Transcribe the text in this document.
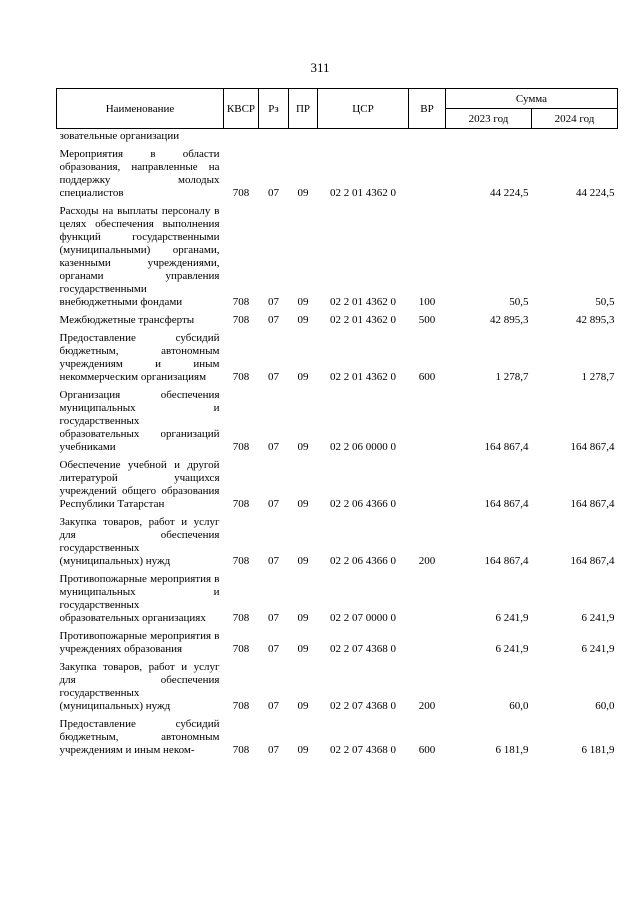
311
Наименование	КВСР	Рз	ПР	ЦСР	ВР	Сумма	
						2023 год	2024 год
зовательные организации							
Мероприятия в области образования, направленные на поддержку молодых специалистов	708	07	09	02 2 01 4362 0		44 224,5	44 224,5
Расходы на выплаты персоналу в целях обеспечения выполнения функций государственными (муниципальными) органами, казенными учреждениями, органами управления государственными внебюджетными фондами	708	07	09	02 2 01 4362 0	100	50,5	50,5
Межбюджетные трансферты	708	07	09	02 2 01 4362 0	500	42 895,3	42 895,3
Предоставление субсидий бюджетным, автономным учреждениям и иным некоммерческим организациям	708	07	09	02 2 01 4362 0	600	1 278,7	1 278,7
Организация обеспечения муниципальных и государственных образовательных организаций учебниками	708	07	09	02 2 06 0000 0		164 867,4	164 867,4
Обеспечение учебной и другой литературой учащихся учреждений общего образования Республики Татарстан	708	07	09	02 2 06 4366 0		164 867,4	164 867,4
Закупка товаров, работ и услуг для обеспечения государственных (муниципальных) нужд	708	07	09	02 2 06 4366 0	200	164 867,4	164 867,4
Противопожарные мероприятия в муниципальных и государственных образовательных организациях	708	07	09	02 2 07 0000 0		6 241,9	6 241,9
Противопожарные мероприятия в учреждениях образования	708	07	09	02 2 07 4368 0		6 241,9	6 241,9
Закупка товаров, работ и услуг для обеспечения государственных (муниципальных) нужд	708	07	09	02 2 07 4368 0	200	60,0	60,0
Предоставление субсидий бюджетным, автономным учреждениям и иным неком-	708	07	09	02 2 07 4368 0	600	6 181,9	6 181,9
